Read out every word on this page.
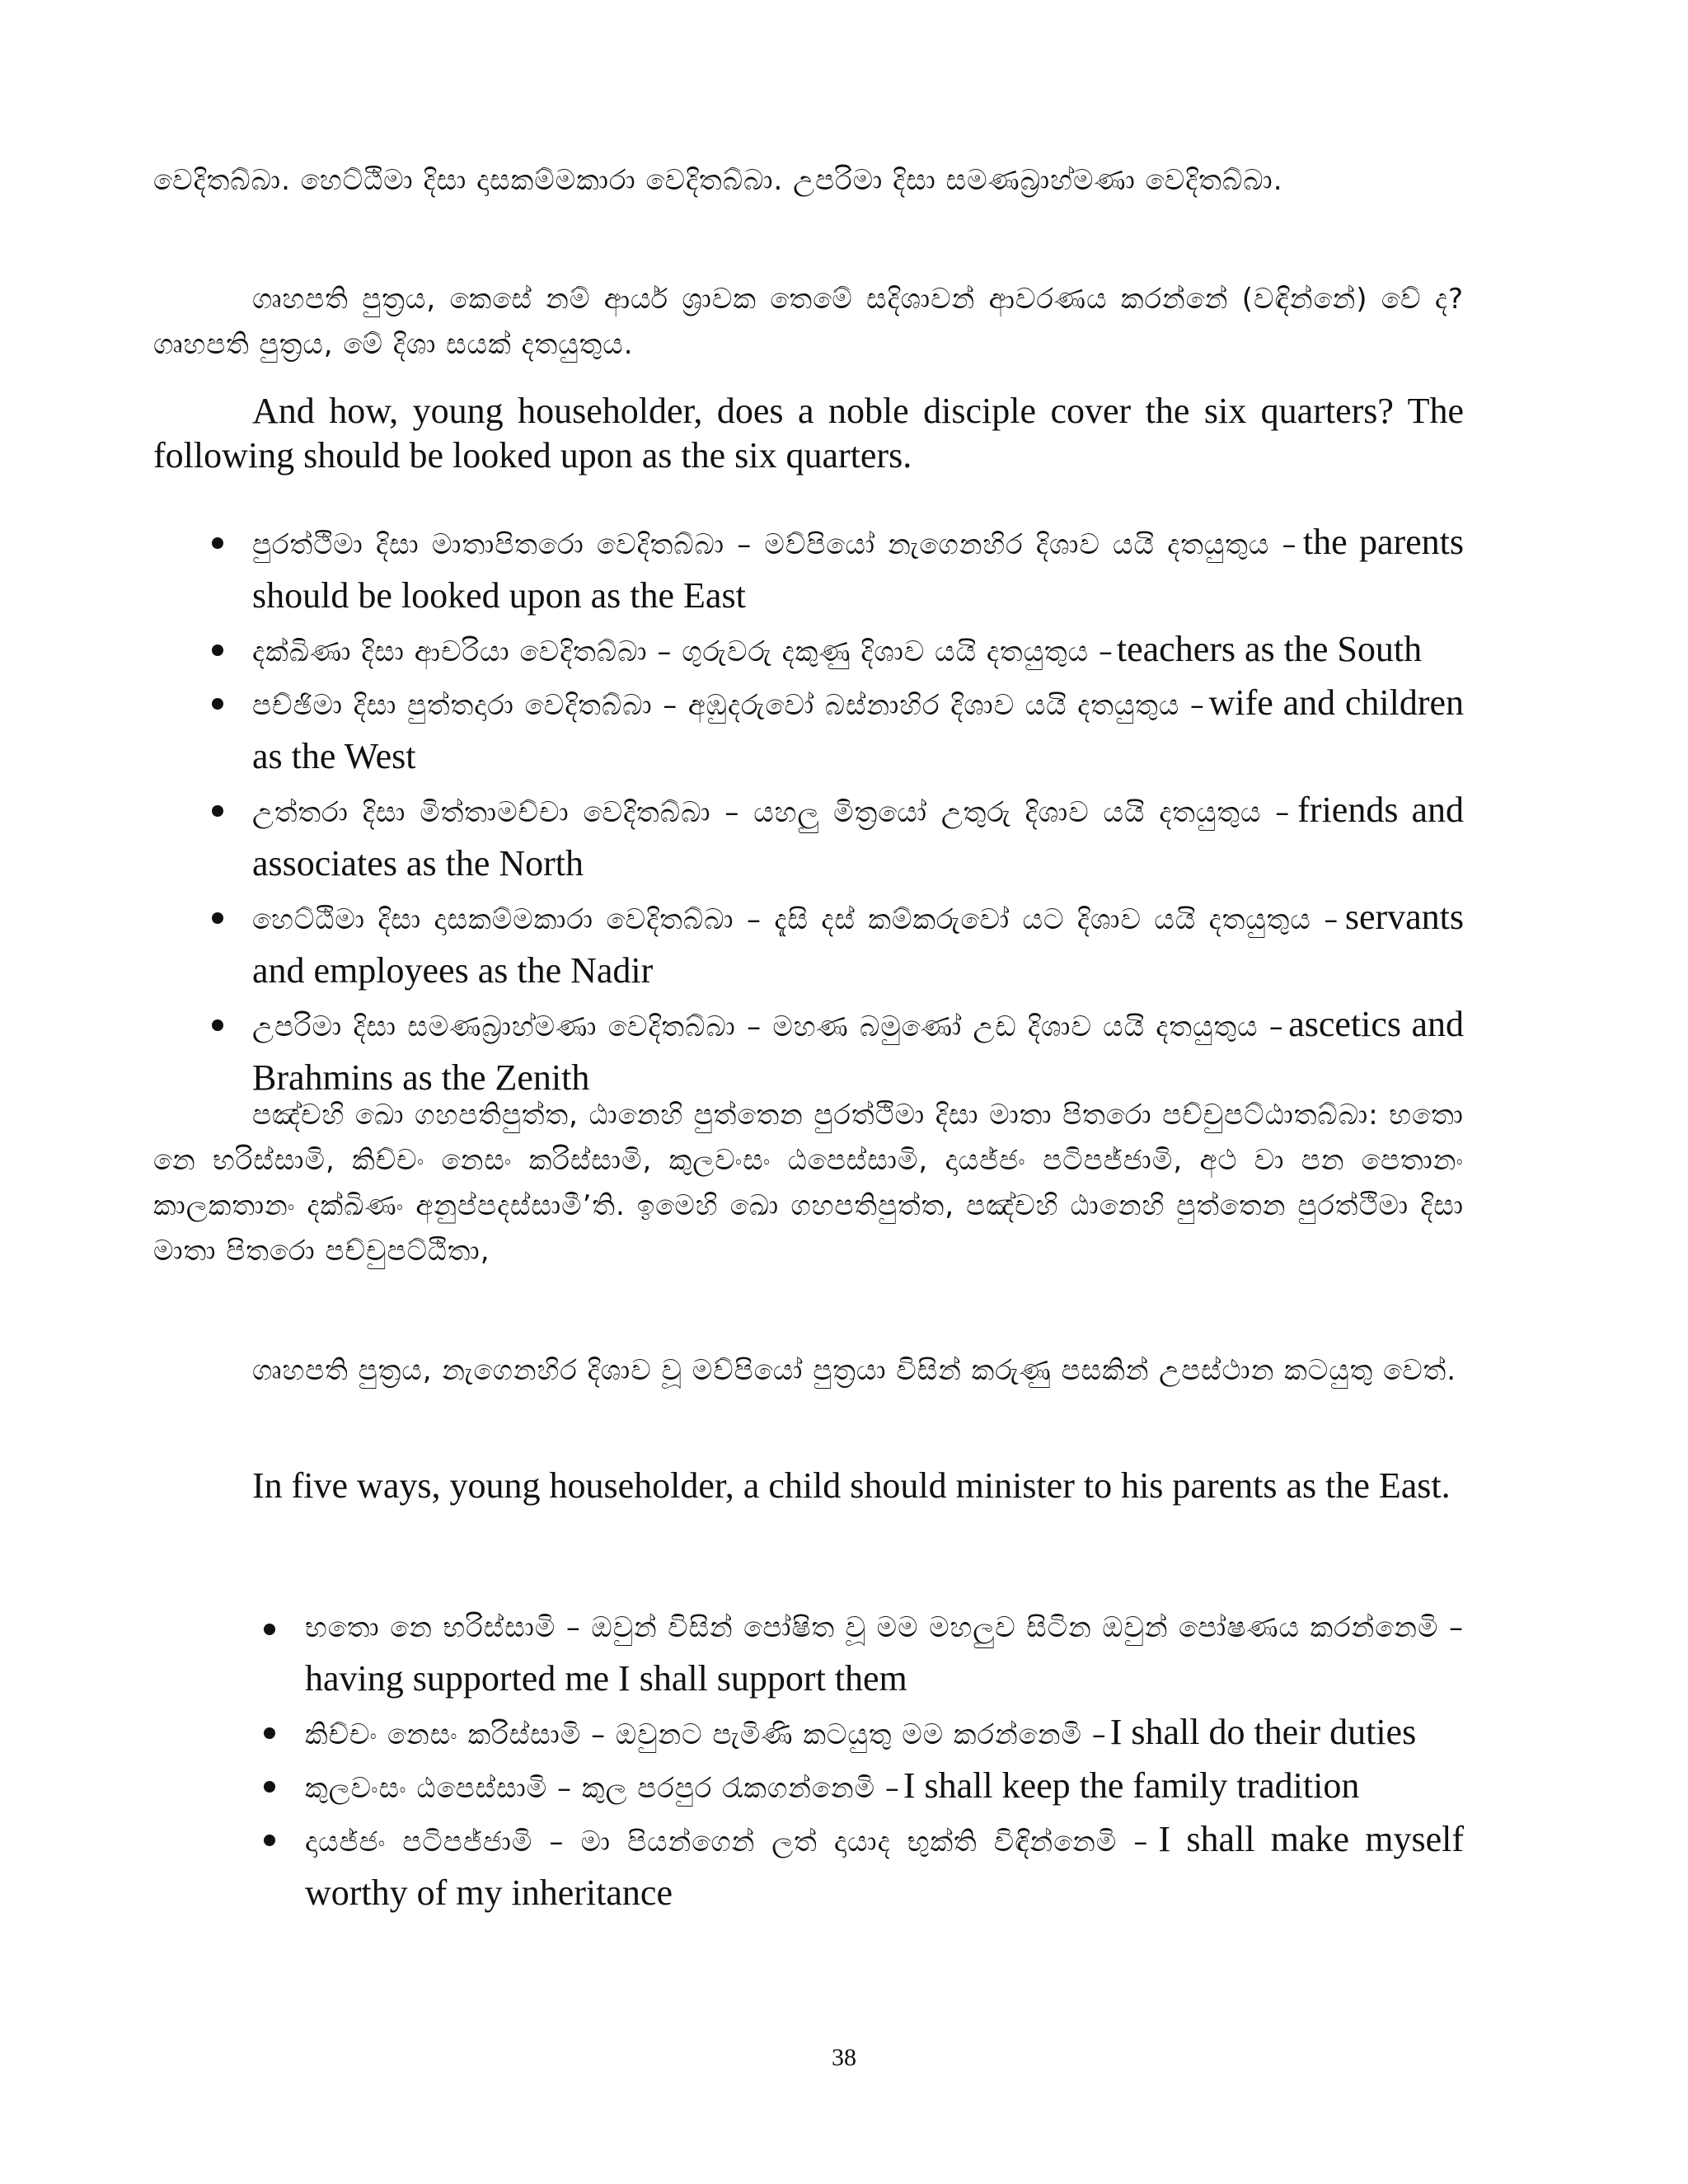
වෙදිතබ්බා. හෙට්ඨිමා දිසා දාසකම්මකාරා වෙදිතබ්බා. උපරිමා දිසා සමණබ්‍රාහ්මණා වෙදිතබ්බා.

ගෘහපති පුත්‍රය, කෙසේ නම් ආර්ය ශ්‍රාවක තෙමේ සදිශාවන් ආවරණය කරන්නේ (වඳින්නේ) වේ ද? ගෘහපති පුත්‍රය, මේ දිශා සයක් දතයුතුය.

And how, young householder, does a noble disciple cover the six quarters? The following should be looked upon as the six quarters.

පුරත්ථිමා දිසා මාතාපිතරො වෙදිතබ්බා – මව්පියෝ නැගෙනහිර දිශාව යයි දතයුතුය – the parents should be looked upon as the East
දක්ඛිණා දිසා ආචරියා වෙදිතබ්බා – ගුරුවරු දකුණු දිශාව යයි දතයුතුය – teachers as the South
පච්ඡිමා දිසා පුත්තදාරා වෙදිතබ්බා – අඹුදරුවෝ බස්නාහිර දිශාව යයි දතයුතුය – wife and children as the West
උත්තරා දිසා මිත්තාමච්චා වෙදිතබ්බා – යහලු මිත්‍රයෝ උතුරු දිශාව යයි දතයුතුය – friends and associates as the North
හෙට්ඨිමා දිසා දාසකම්මකාරා වෙදිතබ්බා – දැසි දස් කම්කරුවෝ යට දිශාව යයි දතයුතුය – servants and employees as the Nadir
උපරිමා දිසා සමණබ්‍රාහ්මණා වෙදිතබ්බා – මහණ බමුණෝ උඩ දිශාව යයි දතයුතුය – ascetics and Brahmins as the Zenith

පඤ්චහි ඛො ගහපතිපුත්ත, ඨානෙහි පුත්තෙන පුරත්ථිමා දිසා මාතා පිතරො පච්චුපට්ඨාතබ්බා: භතො නෙ භරිස්සාමි, කිච්චං නෙසං කරිස්සාමි, කුලවංසං ඨපෙස්සාමි, දායජ්ජං පටිපජ්ජාමි, අථ වා පන පෙතානං කාලකතානං දක්ඛිණං අනුප්පදස්සාමී’ති. ඉමෙහි ඛො ගහපතිපුත්ත, පඤ්චහි ඨානෙහි පුත්තෙන පුරත්ථිමා දිසා මාතා පිතරො පච්චුපට්ඨිතා,

ගෘහපති පුත්‍රය, නැගෙනහිර දිශාව වූ මව්පියෝ පුත්‍රයා විසින් කරුණු පසකින් උපස්ථාන කටයුතු වෙත්.

In five ways, young householder, a child should minister to his parents as the East.

භතො නෙ භරිස්සාමි – ඔවුන් විසින් පෝෂිත වූ මම මහලුව සිටින ඔවුන් පෝෂණය කරන්නෙමි – having supported me I shall support them
කිච්චං නෙසං කරිස්සාමි – ඔවුනට පැමිණි කටයුතු මම කරන්නෙමි – I shall do their duties
කුලවංසං ඨපෙස්සාමි – කුල පරපුර රැකගන්නෙමි – I shall keep the family tradition
දායජ්ජං පටිපජ්ජාමි – මා පියන්ගෙන් ලත් දායාද භුක්ති විඳින්නෙමි – I shall make myself worthy of my inheritance
38
